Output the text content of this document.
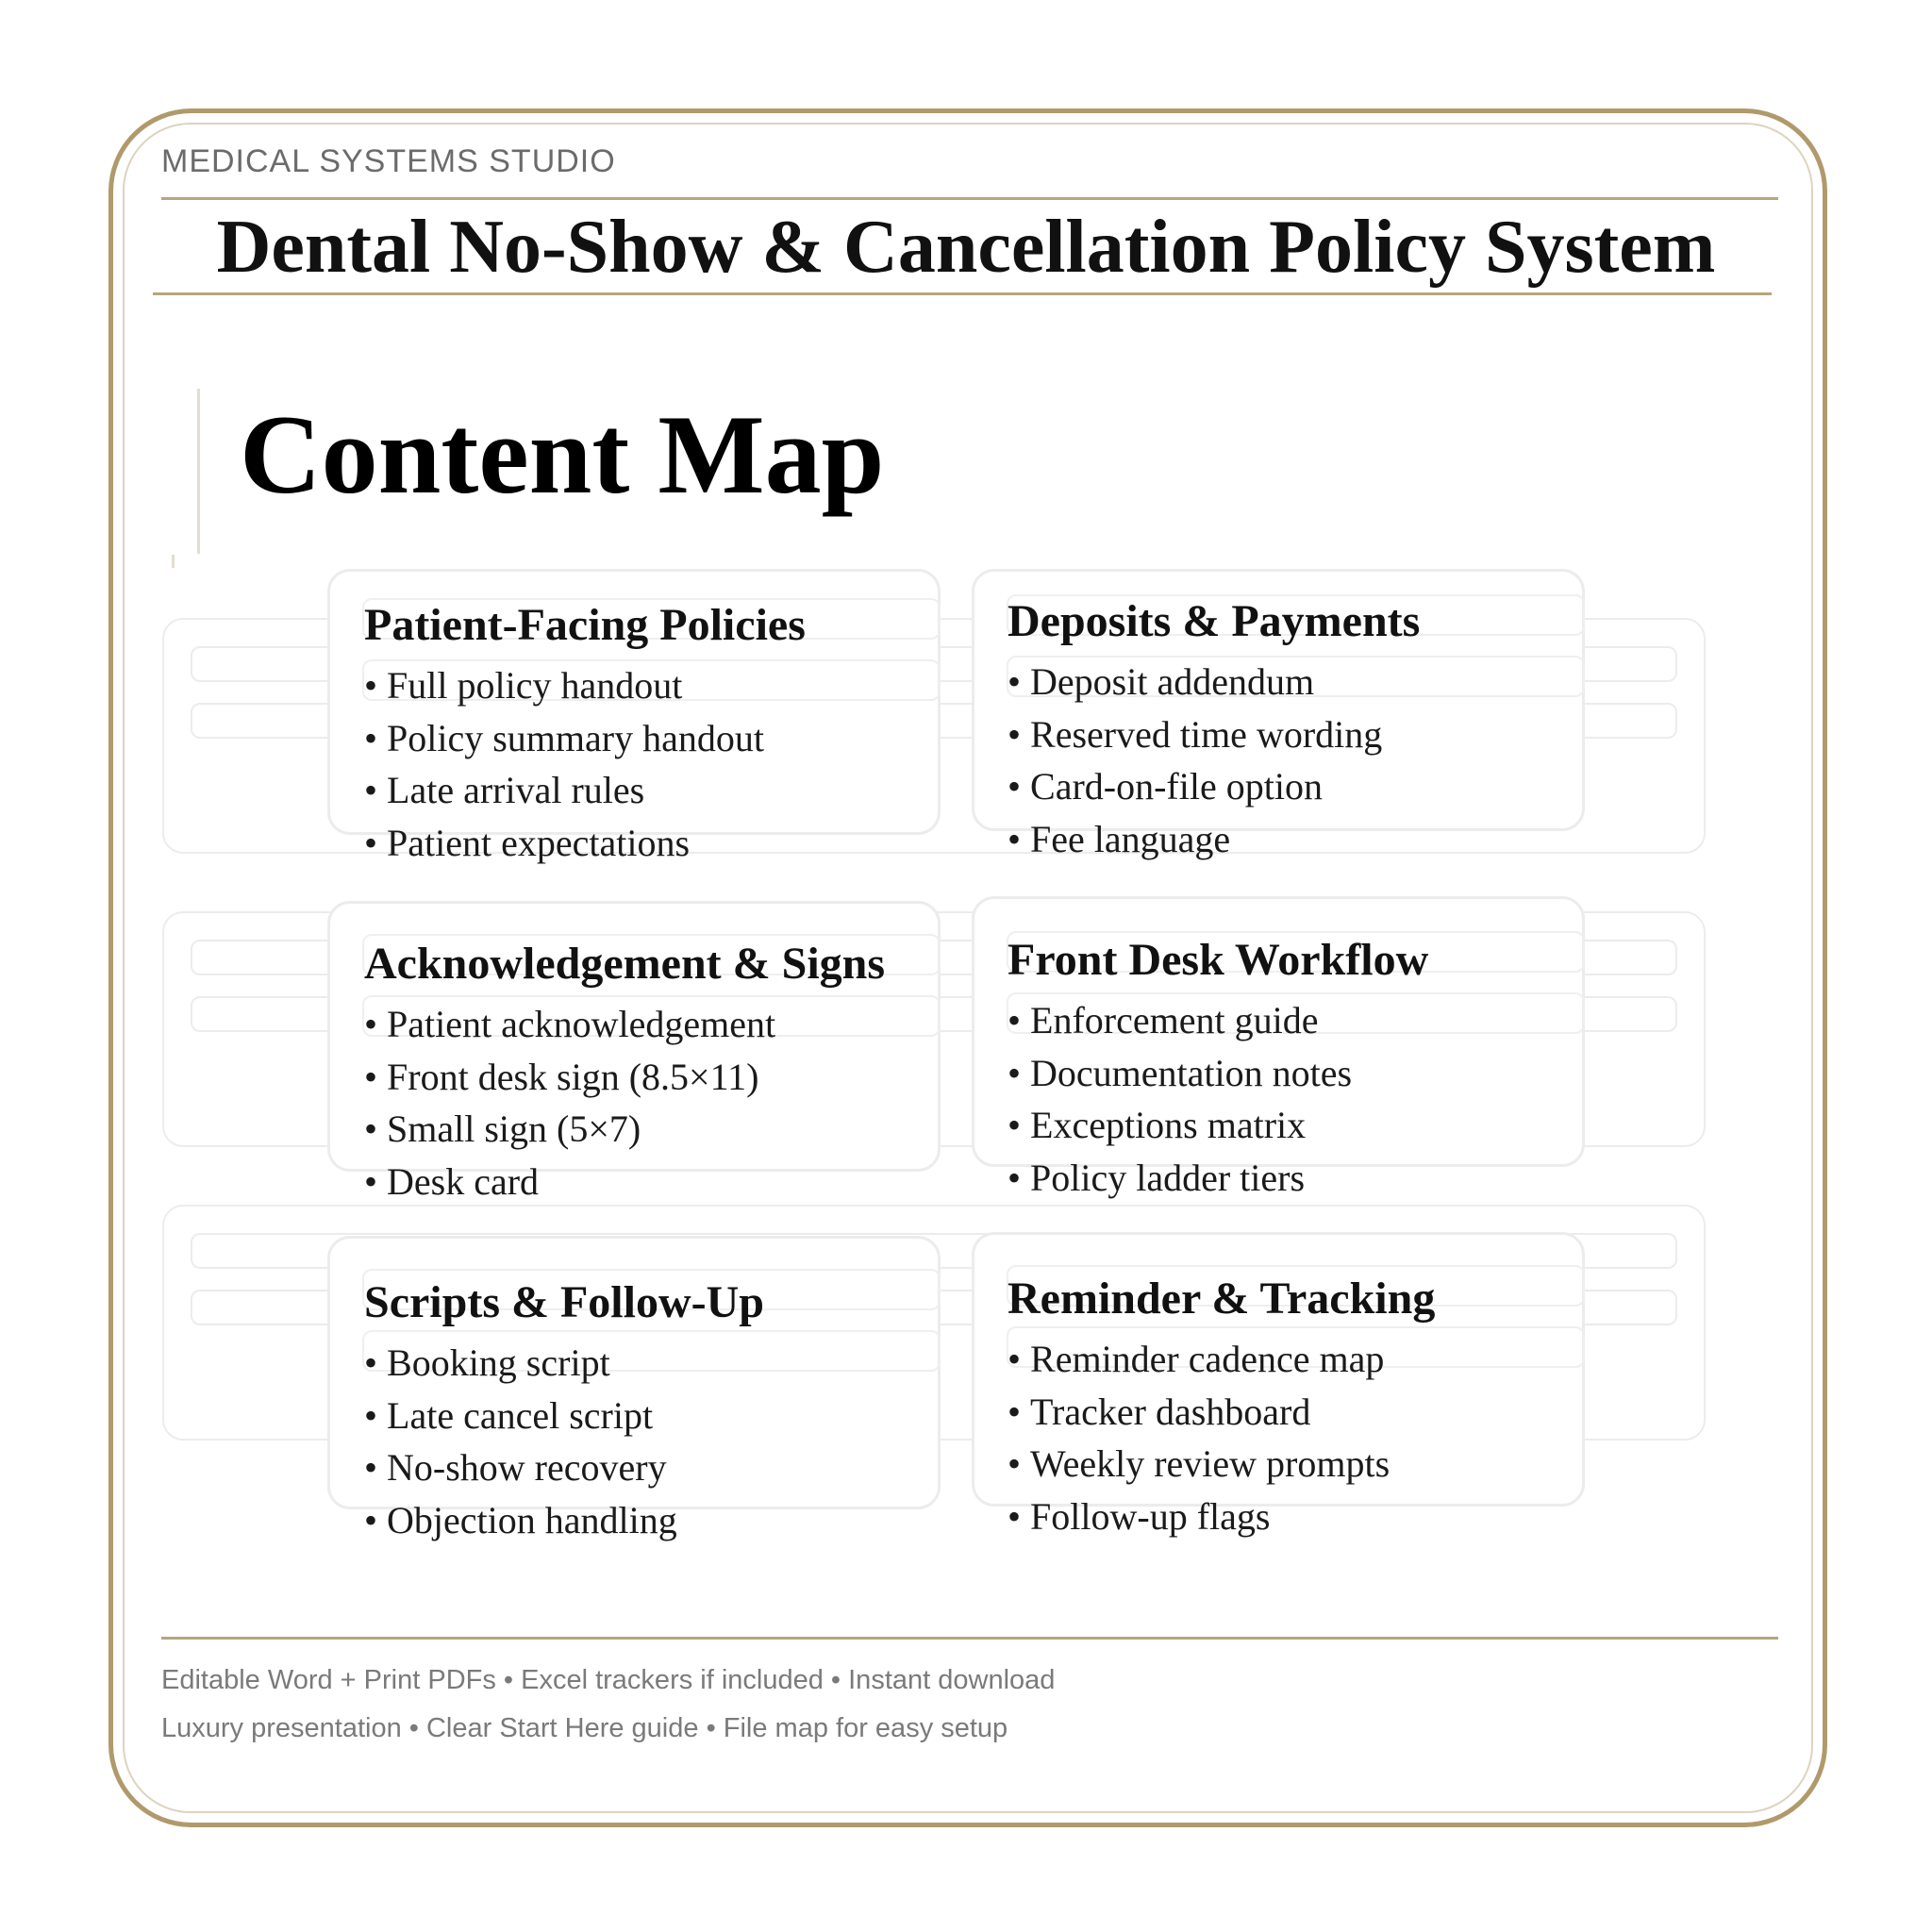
MEDICAL SYSTEMS STUDIO
Dental No-Show & Cancellation Policy System
Content Map
Patient-Facing Policies
• Full policy handout
• Policy summary handout
• Late arrival rules
• Patient expectations
Deposits & Payments
• Deposit addendum
• Reserved time wording
• Card-on-file option
• Fee language
Acknowledgement & Signs
• Patient acknowledgement
• Front desk sign (8.5×11)
• Small sign (5×7)
• Desk card
Front Desk Workflow
• Enforcement guide
• Documentation notes
• Exceptions matrix
• Policy ladder tiers
Scripts & Follow-Up
• Booking script
• Late cancel script
• No-show recovery
• Objection handling
Reminder & Tracking
• Reminder cadence map
• Tracker dashboard
• Weekly review prompts
• Follow-up flags
Editable Word + Print PDFs • Excel trackers if included • Instant download
Luxury presentation • Clear Start Here guide • File map for easy setup
